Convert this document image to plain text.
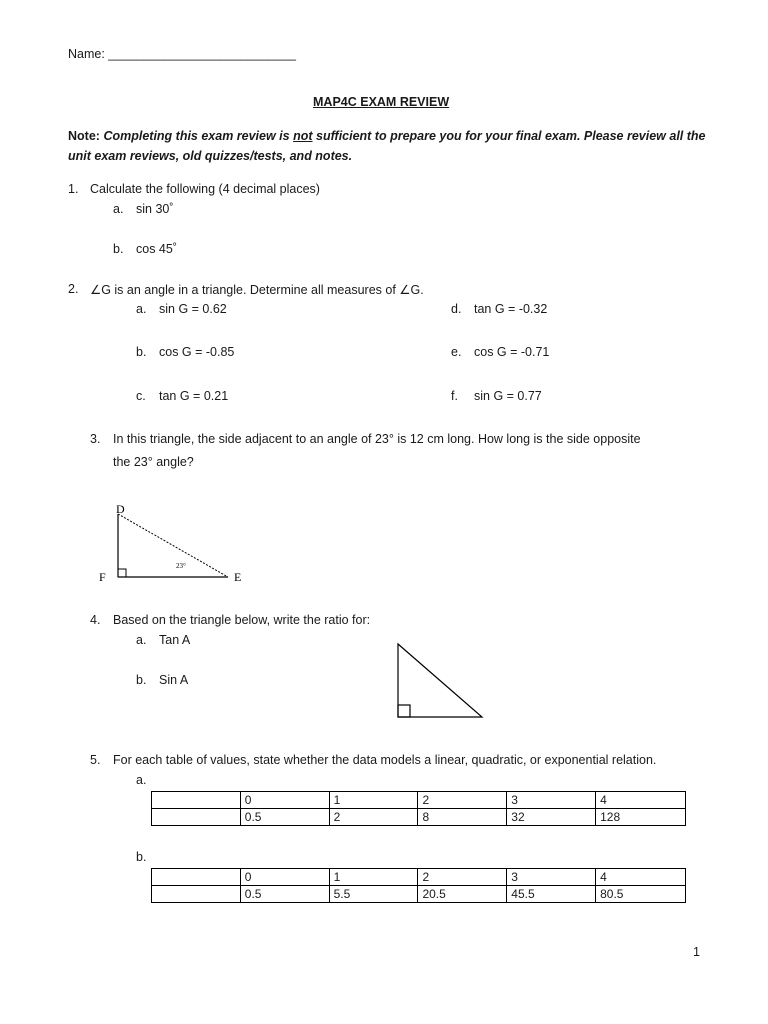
Name: ___________________________
MAP4C EXAM REVIEW
Note: Completing this exam review is not sufficient to prepare you for your final exam. Please review all the
unit exam reviews, old quizzes/tests, and notes.
1. Calculate the following (4 decimal places)
a. sin 30˚
b. cos 45˚
2. ∠G is an angle in a triangle. Determine all measures of ∠G.
a. sin G = 0.62
b. cos G = -0.85
c. tan G = 0.21
d. tan G = -0.32
e. cos G = -0.71
f. sin G = 0.77
3. In this triangle, the side adjacent to an angle of 23° is 12 cm long. How long is the side opposite
the 23° angle?
D
E
F
23°
4. Based on the triangle below, write the ratio for:
a. Tan A
b. Sin A
5. For each table of values, state whether the data models a linear, quadratic, or exponential relation.
a.
	0	1	2	3	4
	0.5	2	8	32	128
b.
	0	1	2	3	4
	0.5	5.5	20.5	45.5	80.5
1
